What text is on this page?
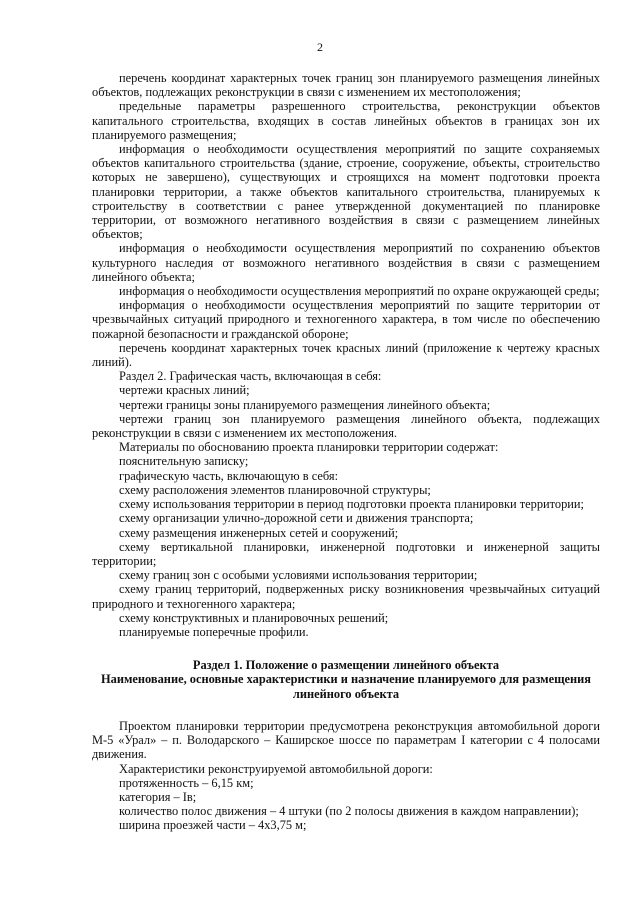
2

перечень координат характерных точек границ зон планируемого размещения линейных объектов, подлежащих реконструкции в связи с изменением их местоположения;

предельные параметры разрешенного строительства, реконструкции объектов капитального строительства, входящих в состав линейных объектов в границах зон их планируемого размещения;

информация о необходимости осуществления мероприятий по защите сохраняемых объектов капитального строительства (здание, строение, сооружение, объекты, строительство которых не завершено), существующих и строящихся на момент подготовки проекта планировки территории, а также объектов капитального строительства, планируемых к строительству в соответствии с ранее утвержденной документацией по планировке территории, от возможного негативного воздействия в связи с размещением линейных объектов;

информация о необходимости осуществления мероприятий по сохранению объектов культурного наследия от возможного негативного воздействия в связи с размещением линейного объекта;

информация о необходимости осуществления мероприятий по охране окружающей среды;

информация о необходимости осуществления мероприятий по защите территории от чрезвычайных ситуаций природного и техногенного характера, в том числе по обеспечению пожарной безопасности и гражданской обороне;

перечень координат характерных точек красных линий (приложение к чертежу красных линий).

Раздел 2. Графическая часть, включающая в себя:

чертежи красных линий;

чертежи границы зоны планируемого размещения линейного объекта;

чертежи границ зон планируемого размещения линейного объекта, подлежащих реконструкции в связи с изменением их местоположения.

Материалы по обоснованию проекта планировки территории содержат:

пояснительную записку;

графическую часть, включающую в себя:

схему расположения элементов планировочной структуры;

схему использования территории в период подготовки проекта планировки территории;

схему организации улично-дорожной сети и движения транспорта;

схему размещения инженерных сетей и сооружений;

схему вертикальной планировки, инженерной подготовки и инженерной защиты территории;

схему границ зон с особыми условиями использования территории;

схему границ территорий, подверженных риску возникновения чрезвычайных ситуаций природного и техногенного характера;

схему конструктивных и планировочных решений;

планируемые поперечные профили.

Раздел 1. Положение о размещении линейного объекта
Наименование, основные характеристики и назначение планируемого для размещения линейного объекта

Проектом планировки территории предусмотрена реконструкция автомобильной дороги М-5 «Урал» – п. Володарского – Каширское шоссе по параметрам I категории с 4 полосами движения.

Характеристики реконструируемой автомобильной дороги:

протяженность – 6,15 км;

категория – Iв;

количество полос движения – 4 штуки (по 2 полосы движения в каждом направлении);

ширина проезжей части – 4х3,75 м;
